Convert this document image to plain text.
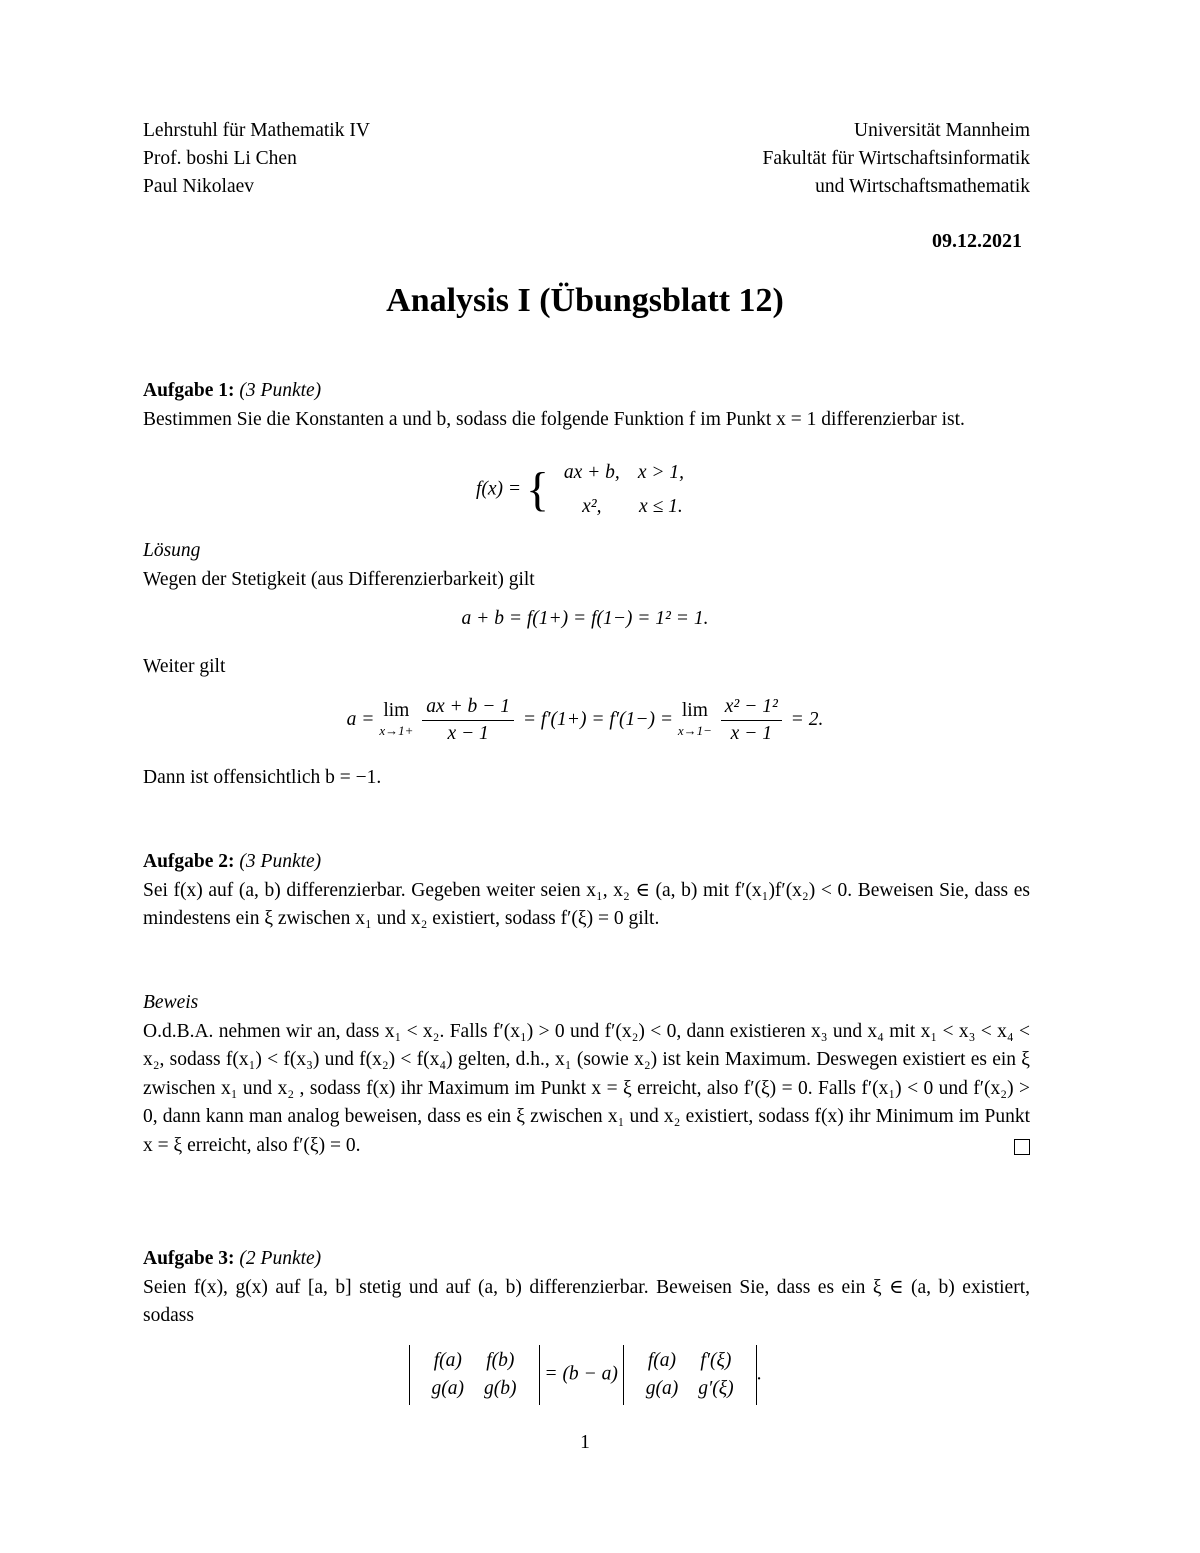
Lehrstuhl für Mathematik IV
Prof. boshi Li Chen
Paul Nikolaev
Universität Mannheim
Fakultät für Wirtschaftsinformatik
und Wirtschaftsmathematik
09.12.2021
Analysis I (Übungsblatt 12)
Aufgabe 1: (3 Punkte)
Bestimmen Sie die Konstanten a und b, sodass die folgende Funktion f im Punkt x = 1 differenzierbar ist.
f(x) = { ax + b,	x > 1,
x²,	x ≤ 1.
Lösung
Wegen der Stetigkeit (aus Differenzierbarkeit) gilt
a + b = f(1+) = f(1−) = 1² = 1.
Weiter gilt
a = lim
x→1+
$\frac{ax + b - 1}{x - 1} = f'(1+) = f'(1-) = \lim$
x→1−
$\frac{\text{x² − 1²}}{x - 1} = 2$.
Dann ist offensichtlich b = −1.
Aufgabe 2: (3 Punkte)
Sei f(x) auf (a, b) differenzierbar. Gegeben weiter seien x₁, x₂ ∈ (a, b) mit f′(x₁)f′(x₂) < 0. Beweisen Sie, dass es mindestens ein ξ zwischen x₁ und x₂ existiert, sodass f′(ξ) = 0 gilt.
Beweis
O.d.B.A. nehmen wir an, dass x₁ < x₂. Falls f′(x₁) > 0 und f′(x₂) < 0, dann existieren x₃ und x₄ mit x₁ < x₃ < x₄ < x₂, sodass f(x₁) < f(x₃) und f(x₂) < f(x₄) gelten, d.h., x₁ (sowie x₂) ist kein Maximum. Deswegen existiert es ein ξ zwischen x₁ und x₂ , sodass f(x) ihr Maximum im Punkt x = ξ erreicht, also f′(ξ) = 0. Falls f′(x₁) < 0 und f′(x₂) > 0, dann kann man analog beweisen, dass es ein ξ zwischen x₁ und x₂ existiert, sodass f(x) ihr Minimum im Punkt x = ξ erreicht, also f′(ξ) = 0.
Aufgabe 3: (2 Punkte)
Seien f(x), g(x) auf [a, b] stetig und auf (a, b) differenzierbar. Beweisen Sie, dass es ein ξ ∈ (a, b) existiert, sodass
f(a)	f(b)
g(a)	g(b)
= (b − a)
f(a)	f′(ξ)
g(a)	g′(ξ)
.
1
